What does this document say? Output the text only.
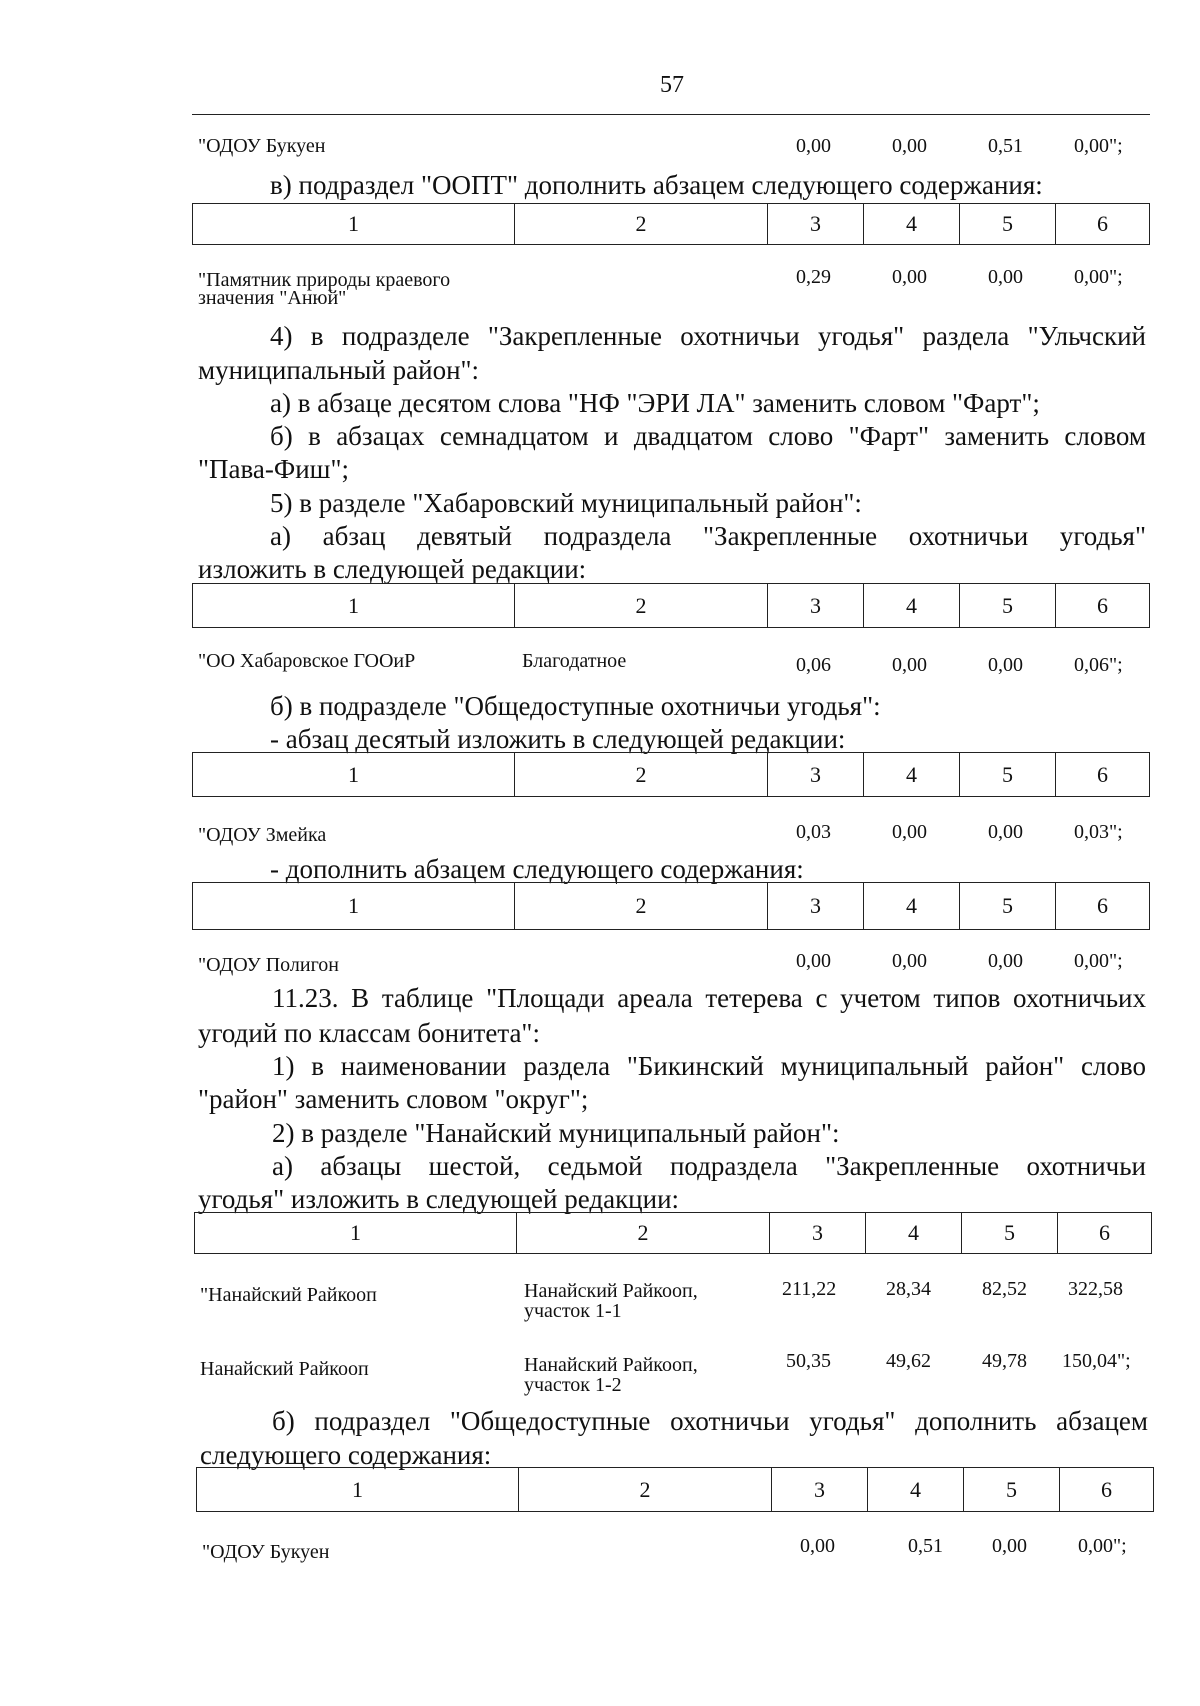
57
"ОДОУ Букуен	0,00	0,00	0,51	0,00";
в) подраздел "ООПТ" дополнить абзацем следующего содержания:
1	2	3	4	5	6
"Памятник природы краевого
значения "Анюй"
0,29	0,00	0,00	0,00";
4) в подразделе "Закрепленные охотничьи угодья" раздела "Ульчский
муниципальный район":
а) в абзаце десятом слова "НФ "ЭРИ ЛА" заменить словом "Фарт";
б) в абзацах семнадцатом и двадцатом слово "Фарт" заменить словом
"Пава-Фиш";
5) в разделе "Хабаровский муниципальный район":
а) абзац девятый подраздела "Закрепленные охотничьи угодья"
изложить в следующей редакции:
1	2	3	4	5	6
"ОО Хабаровское ГООиР	Благодатное	0,06	0,00	0,00	0,06";
б) в подразделе "Общедоступные охотничьи угодья":
- абзац десятый изложить в следующей редакции:
1	2	3	4	5	6
"ОДОУ Змейка	0,03	0,00	0,00	0,03";
- дополнить абзацем следующего содержания:
1	2	3	4	5	6
"ОДОУ Полигон	0,00	0,00	0,00	0,00";
11.23. В таблице "Площади ареала тетерева с учетом типов охотничьих
угодий по классам бонитета":
1) в наименовании раздела "Бикинский муниципальный район" слово
"район" заменить словом "округ";
2) в разделе "Нанайский муниципальный район":
а) абзацы шестой, седьмой подраздела "Закрепленные охотничьи
угодья" изложить в следующей редакции:
1	2	3	4	5	6
"Нанайский Райкооп	Нанайский Райкооп,
участок 1-1
211,22 28,34	82,52 322,58
Нанайский Райкооп	Нанайский Райкооп,
участок 1-2
50,35	49,62	49,78 150,04";
б) подраздел "Общедоступные охотничьи угодья" дополнить абзацем
следующего содержания:
1	2	3	4	5	6
"ОДОУ Букуен	0,00	0,51 0,00	0,00";
